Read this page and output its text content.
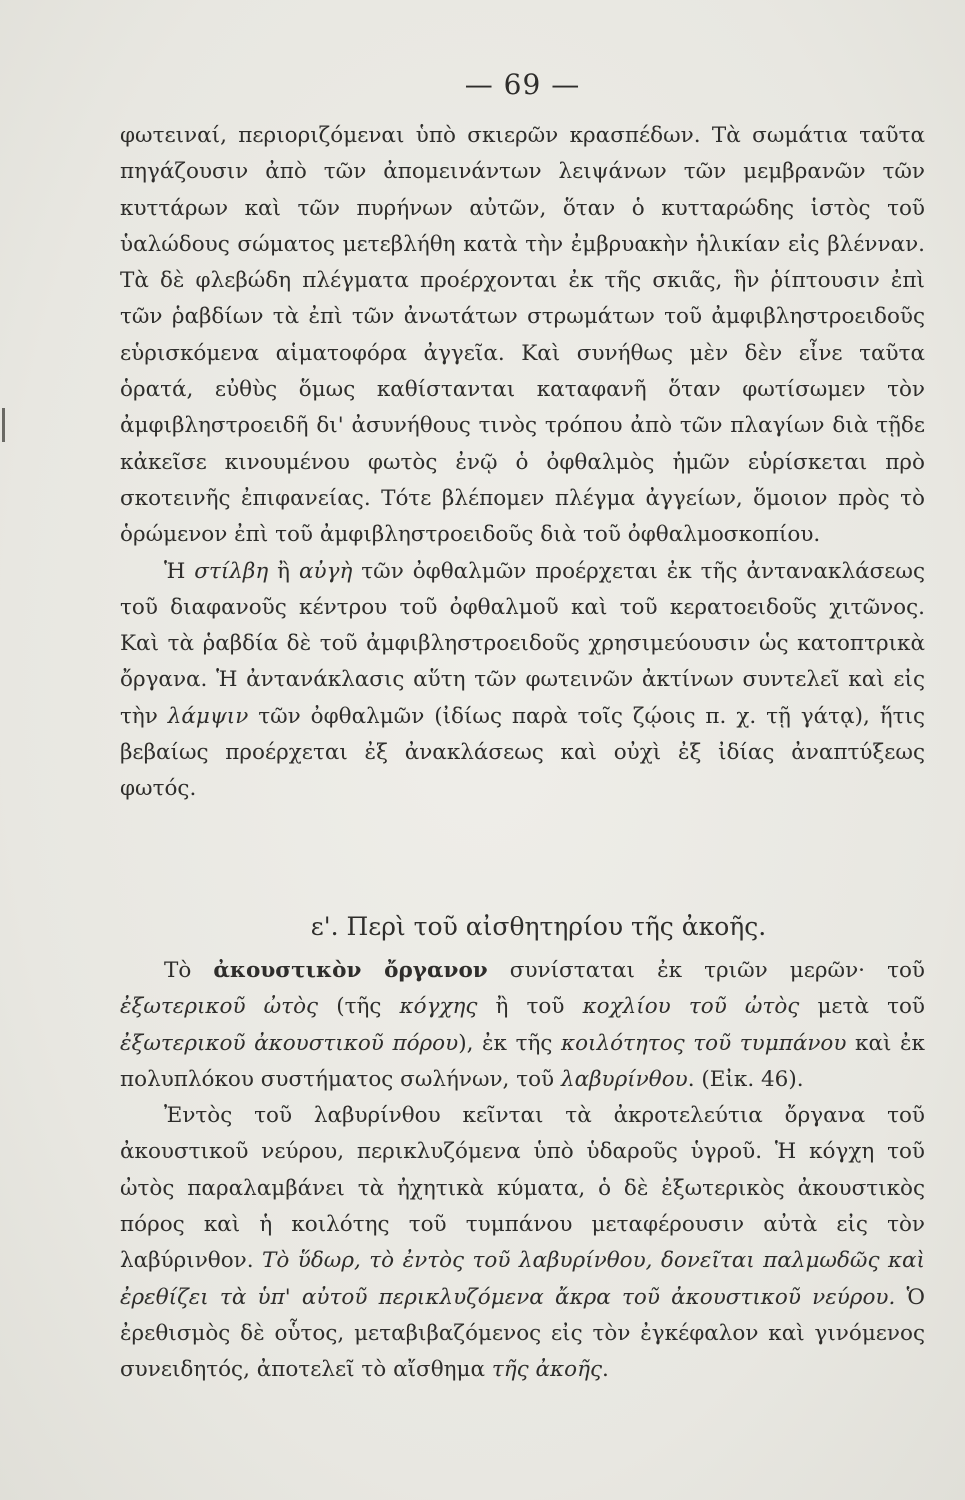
— 69 —

φωτειναί, περιοριζόμεναι ὑπὸ σκιερῶν κρασπέδων. Τὰ σωμάτια ταῦτα πηγάζουσιν ἀπὸ τῶν ἀπομεινάντων λειψάνων τῶν μεμβρανῶν τῶν κυττάρων καὶ τῶν πυρήνων αὐτῶν, ὅταν ὁ κυτταρώδης ἱστὸς τοῦ ὑαλώδους σώματος μετεβλήθη κατὰ τὴν ἐμβρυακὴν ἡλικίαν εἰς βλένναν. Τὰ δὲ φλεβώδη πλέγματα προέρχονται ἐκ τῆς σκιᾶς, ἣν ῥίπτουσιν ἐπὶ τῶν ῥαβδίων τὰ ἐπὶ τῶν ἀνωτάτων στρωμάτων τοῦ ἀμφιβληστροειδοῦς εὑρισκόμενα αἱματοφόρα ἀγγεῖα. Καὶ συνήθως μὲν δὲν εἶνε ταῦτα ὁρατά, εὐθὺς ὅμως καθίστανται καταφανῆ ὅταν φωτίσωμεν τὸν ἀμφιβληστροειδῆ δι' ἀσυνήθους τινὸς τρόπου ἀπὸ τῶν πλαγίων διὰ τῇδε κἀκεῖσε κινουμένου φωτὸς ἐνῷ ὁ ὀφθαλμὸς ἡμῶν εὑρίσκεται πρὸ σκοτεινῆς ἐπιφανείας. Τότε βλέπομεν πλέγμα ἀγγείων, ὅμοιον πρὸς τὸ ὁρώμενον ἐπὶ τοῦ ἀμφιβληστροειδοῦς διὰ τοῦ ὀφθαλμοσκοπίου.

Ἡ στίλβη ἢ αὐγὴ τῶν ὀφθαλμῶν προέρχεται ἐκ τῆς ἀντανακλάσεως τοῦ διαφανοῦς κέντρου τοῦ ὀφθαλμοῦ καὶ τοῦ κερατοειδοῦς χιτῶνος. Καὶ τὰ ῥαβδία δὲ τοῦ ἀμφιβληστροειδοῦς χρησιμεύουσιν ὡς κατοπτρικὰ ὄργανα. Ἡ ἀντανάκλασις αὕτη τῶν φωτεινῶν ἀκτίνων συντελεῖ καὶ εἰς τὴν λάμψιν τῶν ὀφθαλμῶν (ἰδίως παρὰ τοῖς ζῴοις π. χ. τῇ γάτᾳ), ἥτις βεβαίως προέρχεται ἐξ ἀνακλάσεως καὶ οὐχὶ ἐξ ἰδίας ἀναπτύξεως φωτός.

ε'. Περὶ τοῦ αἰσθητηρίου τῆς ἀκοῆς.

Τὸ ἀκουστικὸν ὄργανον συνίσταται ἐκ τριῶν μερῶν· τοῦ ἐξωτερικοῦ ὠτὸς (τῆς κόγχης ἢ τοῦ κοχλίου τοῦ ὠτὸς μετὰ τοῦ ἐξωτερικοῦ ἀκουστικοῦ πόρου), ἐκ τῆς κοιλότητος τοῦ τυμπάνου καὶ ἐκ πολυπλόκου συστήματος σωλήνων, τοῦ λαβυρίνθου. (Εἰκ. 46).

Ἐντὸς τοῦ λαβυρίνθου κεῖνται τὰ ἀκροτελεύτια ὄργανα τοῦ ἀκουστικοῦ νεύρου, περικλυζόμενα ὑπὸ ὑδαροῦς ὑγροῦ. Ἡ κόγχη τοῦ ὠτὸς παραλαμβάνει τὰ ἠχητικὰ κύματα, ὁ δὲ ἐξωτερικὸς ἀκουστικὸς πόρος καὶ ἡ κοιλότης τοῦ τυμπάνου μεταφέρουσιν αὐτὰ εἰς τὸν λαβύρινθον. Τὸ ὕδωρ, τὸ ἐντὸς τοῦ λαβυρίνθου, δονεῖται παλμωδῶς καὶ ἐρεθίζει τὰ ὑπ' αὐτοῦ περικλυζόμενα ἄκρα τοῦ ἀκουστικοῦ νεύρου. Ὁ ἐρεθισμὸς δὲ οὗτος, μεταβιβαζόμενος εἰς τὸν ἐγκέφαλον καὶ γινόμενος συνειδητός, ἀποτελεῖ τὸ αἴσθημα τῆς ἀκοῆς.
